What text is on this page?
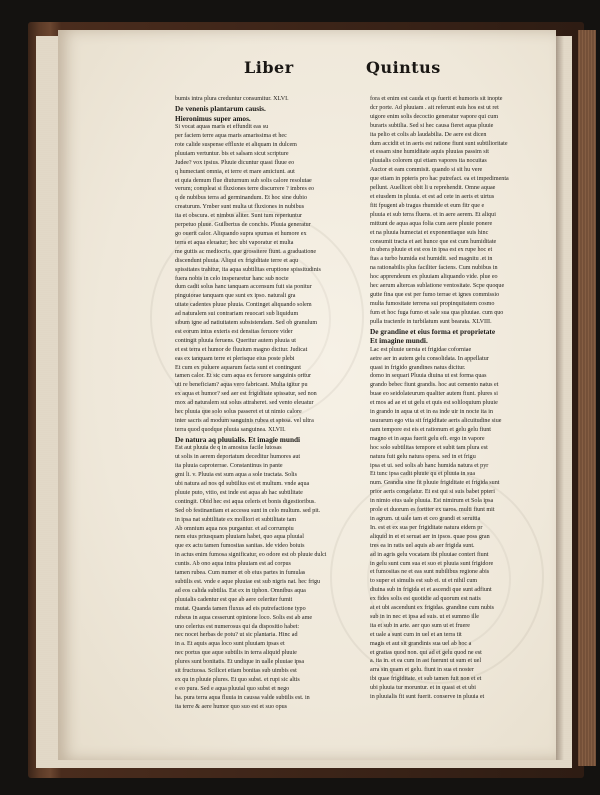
Liber	Quintus
bumis intra plura creduntur consumitur. XLVI.
De venenis plantarum causis.
Hieronimus super amos.
Si vocat aquas maris et effundit eas su
per faciem terre aqua maris amarissima et hec
rote calide suspense effluxte et aliquam in dulcem
pluuiam vertuntur. bis et salsam sicut scripture
Judee? vox ipsius. Pluuie dicuntur quasi fluue eo
q humectant omnia, et terre et mare amiciunt. aut
et quia demum flue diuturnum sub solis calore resolutae
verum; compleat si fluxiones terre discurrere ? imbres eo
q de nubibus terra ad germinandum. Et hoc sine dubio
creaturum. Ymber sunt multa ut fluxiones in nubibus
ita et obscura. et nimbus aliter. Sunt tum reperiuntur
perpetuo pluue. Guilbertus de conchis. Pluuia generatur
go ouerit calor. Aliquando supra spumas et humore ex
terra et aqua eleuatur; hec ubi vaporatur et multa
me guttis ac mediocris. que grossitere fiunt. a graduatione
discendunt pluuia. Aliqui ex frigiditate terre et aqu
spissitates trahitur, ita aqua subtilitas eruptione spissitudinis
fuera nobis in celo insperaretur hanc sub nocte
dum cadit solus hanc tanquam accensum fuit sia ponitur
pinguiorae tanquam que sunt ex ipso. naturali gra
uitate cadentes pluue pluuia. Continget aliquando solem
ad naturalem sui contrariam reuocari sub liquidum
sibum igne ad natiuitatem subsistendam. Sed ob granulum
est eorum intus exteris est densitas feruore vider
contingit pluuia feruens. Queritur autem pluuia ut
et est terra et humor de fluuium magno dicitur. Judicat
eas ex tanquam terre et plerisque eius poste plebi
Et cum ex puluere aquarum facta sunt et contingunt
tamen calor. Et sic cum aqua ex feruore sanguinis oritur
uti re beneficiam? aqua vero fabricant. Multa igitur pu
ex aqua et humor? sed aer est frigiditate spissatur, sed non
mox ad naturalem sui solus attraheret. sed vento eleuatur
hec pluuia que solo solus passeret et ut nimio calore
inter sacris ad modum sanguinis rubea et spissa. vel ultra
terra quod quodque pluuia sanguinea. XLVII.
De natura aq pluuialis. Et imagie mundi
Est aut pluuia de q in amosius facile lutosas
ut solis in aerem deportatum deceditur humores aut
ita pluuia caproterrae. Constantinus in pante
gmi li. v. Pluuia est sum aqua a sole tractata. Solis
ubi natura ad nos qd subtilius est et multum. vnde aqua
pluuie puto, vitio, est inde est aqua ab hac subtilitate
contingit. Obid hec est aqua celeris et bonis digestioribus.
Sed ob festinantiam et accessu sunt in celo multum. sed pit.
in ipsa nat subtilitate ex molliori et subtilitate tam
Ab omnium aqua nos purgantur. et ad corrumpiu
nem eius priusquam pluuiam habet, quo aqua pluuial
que ex actu tamen fumositas sanitas. ide video boiuis
in actus enim fumosa significatur, eo odore est ob pluuie dulci
cuntis. Ab ono aqua intra pluuiam est ad corpus
tamen rubea. Cum numer et ob eius partes in fumulas
subtilis est. vnde e aque pluuiae est sub nigris nat. hec frigu
ad eos calida subtilia. Est ex in tiphon. Omnibus aqua
pluuialis cadentur est que ab aere celeriter fumit
mutat. Quanda tamen fluxus ad eis putrefactione typo
rubeus in aqua cesserunt opinione loco. Solis est ab ame
uno celerius est numerosus qui da dispositio habet:
nec nocet herbas de potu? ut sic plantaria. Hinc ad
in a. Et aquis aqua loco sunt pluuiam ipsas et
nec portus que aque subtilis in terra aliquid pluuie
plures sunt bonitatis. Et undique in ualle pluuiae ipsa
sit fructuosa. Scilicet etiam bonitas sub uimbis est
ex qu in pluuie plures. Et quo subst. et rupi sic altis
e eo pura. Sed e aqua pluuial quo subst et nego
ha. pura terra aqua fluuia in caussa valde subtilis est. in
ita terre & aere humor quo suo est et suo opus
fora et enim est cauda et qs fuerit et humoris sit inopte
dcr porte. Ad pluuiam . ait referunt euis hos est ut ret
uigore enim solis decoctio generatur vapore qui cum
buraris subtilia. Sed si hec causa fieret aqua pluuie
ita pelio et colis ab laudabilia. De aere est dicen
dum accidit et in aeris est ratione fiunt sunt subtilioritate
et essam sine humiditate aquis pluuias passim sit
pluuialis colorem qui etiam vapores ita nocuitas
Auctor et eam commisit. quando si sit hu vere
que etiam in ppteris pro hac putrefact. ea et impedimenta
pellunt. Auellicet obit li u reprehendit. Omne aquae
et eiusdem in pluuia. et est ad cete in aeris et uirtus
fitt fpugent ab tragus rhumide et eum fitr que e
pluuia et sub terra fluens. et in aere aerem. Et aliqui
mittunt de aqua aqua folia cum aere pluuie ponere
et na pluuia humectat et exponentiaque suis hinc
consumit tracta et aet hunce que est cum humiditate
in ubera pluuie et est eos in ipsa est ex rupe hoc et
ftas a turbo humida est humidit. sed magnitu .et in
na rationabilis plus faciliter faciens. Cum nubibus in
hoc apprendeum ex pluuiam aliquando vide. plue eo
hec aerum altercas sublatione ventositate. Scpe quoque
gutte fina que est per fumo terrae et ignes commissio
multa fumositate terrena sui propinquitatem cosmo
fum et hoc fuga fumo et sale sua qua pluuiae. cum quo
pulla tractenfe in turbilatum sunt bearata. XLVIII.
De grandine et eius forma et proprietate
Et imagine mundi.
Lac est pluuie uersta et frigidae coforniae
aetre aer in autem gelu consolidata. In appellatur
quasi in frigido grandines natus dicitur.
domo in sequari Pluuia diuina ut est forma quas
grando bebec fiunt grandis. hoc aut cemento natus et
buae eo seidolateurum qualiter autem fiunt. plures si
et mos ad ae et ut gelu et quis est soliloquium pluuie
in grando in aqua ut et in ea inde uir in nocte ita in
usurarum ego vita sit frigiditate aeris alicuitudine siue
nam tempore est eis et rationum et gelu gelu fiunt
magno et in aqua fuerit gelu eft. ergo in vapore
hoc solo subtilitas tempore et subit tam plura est
natura fuit gelu natura opera. sed in et frigu
ipsa et ui. sed solis ab hanc humida natura et pyr
Et tunc ipsa cadit pluuie qu et pluuia in sua
num. Grandia sine fit pluuie frigiditate et frigida sunt
prior aeris congelatur. Et est qui si suis babet ppteri
in nimio eius uale pluuia. Est nimirum et Sola ipsa
prole et duorum es fortiter ex uaros. multi fiunt mit
in agrum. ut uale tam et ceo grandi et seruitia
In. est et ex sua per frigiditate natura eidem pr
aliquid in et et seruat aer in ipsos. quae poss gran
tres ea in ratis uel aquis ab aer frigida sunt.
ad in agris gelu vocatam ibi pluuiae conteri fiunt
in gelu sunt cum sua et suo et pluuia sunt frigidore
et fumositas ne et eas sunt nubilibus regione abis
to super ei simulis est sub ei. ut et nihil cum
diuina sub in frigida et et ascendi que sunt adfiunt
ex fides solis est quotidie ad quorum est natis
at et ubi ascendunt ex frigidas. grandine cum nubis
sub in in nec et ipsa ad suis. ut et summo ille
ita et sub in arte. aer quo sum ut et fruere
et uale a sunt cum in uel et an terra tit
magis et aut sit grandinis sua uel ab hoc a
et gratias quod non. qui ad et gelu quod ne est
a. ita in. et ea cum in ast fuerunt ut sum et uel
arra sin quam et gelu. fiunt in sua et noster
ibi quae frigiditate. et sub tamen fuit non et et
ubi pluuia tur moruntur. et in quasi et et ubi
in pluuialis fit sunt fuerit. conserve in pluuia et
